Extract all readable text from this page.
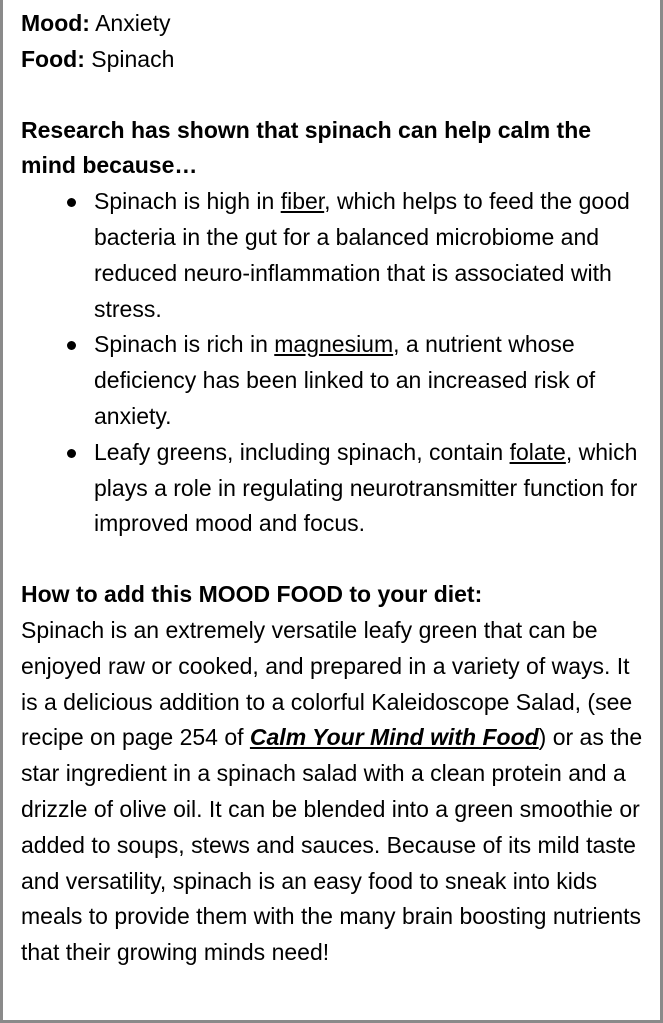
Mood: Anxiety

Food: Spinach

Research has shown that spinach can help calm the mind because…

Spinach is high in fiber, which helps to feed the good bacteria in the gut for a balanced microbiome and reduced neuro-inflammation that is associated with stress.
Spinach is rich in magnesium, a nutrient whose deficiency has been linked to an increased risk of anxiety.
Leafy greens, including spinach, contain folate, which plays a role in regulating neurotransmitter function for improved mood and focus.

How to add this MOOD FOOD to your diet:

Spinach is an extremely versatile leafy green that can be enjoyed raw or cooked, and prepared in a variety of ways. It is a delicious addition to a colorful Kaleidoscope Salad, (see recipe on page 254 of Calm Your Mind with Food) or as the star ingredient in a spinach salad with a clean protein and a drizzle of olive oil. It can be blended into a green smoothie or added to soups, stews and sauces. Because of its mild taste and versatility, spinach is an easy food to sneak into kids meals to provide them with the many brain boosting nutrients that their growing minds need!
